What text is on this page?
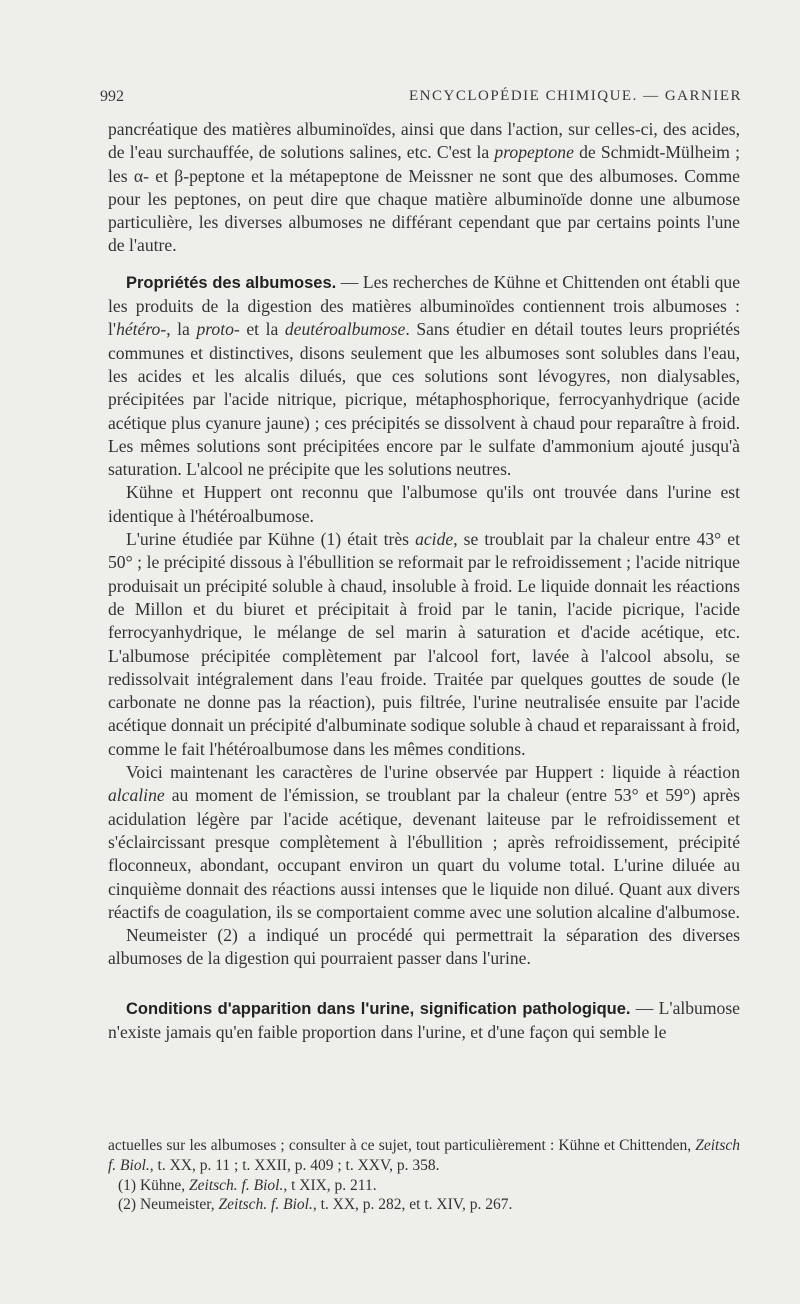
992	ENCYCLOPÉDIE CHIMIQUE. — GARNIER

pancréatique des matières albuminoïdes, ainsi que dans l'action, sur celles-ci, des acides, de l'eau surchauffée, de solutions salines, etc. C'est la propeptone de Schmidt-Mülheim ; les α- et β-peptone et la métapeptone de Meissner ne sont que des albumoses. Comme pour les peptones, on peut dire que chaque matière albuminoïde donne une albumose particulière, les diverses albumoses ne différant cependant que par certains points l'une de l'autre.

Propriétés des albumoses. — Les recherches de Kühne et Chittenden ont établi que les produits de la digestion des matières albuminoïdes contiennent trois albumoses : l'hétéro-, la proto- et la deutéroalbumose. Sans étudier en détail toutes leurs propriétés communes et distinctives, disons seulement que les albumoses sont solubles dans l'eau, les acides et les alcalis dilués, que ces solutions sont lévogyres, non dialysables, précipitées par l'acide nitrique, picrique, métaphosphorique, ferrocyanhydrique (acide acétique plus cyanure jaune) ; ces précipités se dissolvent à chaud pour reparaître à froid. Les mêmes solutions sont précipitées encore par le sulfate d'ammonium ajouté jusqu'à saturation. L'alcool ne précipite que les solutions neutres.

Kühne et Huppert ont reconnu que l'albumose qu'ils ont trouvée dans l'urine est identique à l'hétéroalbumose.

L'urine étudiée par Kühne (1) était très acide, se troublait par la chaleur entre 43° et 50° ; le précipité dissous à l'ébullition se reformait par le refroidissement ; l'acide nitrique produisait un précipité soluble à chaud, insoluble à froid. Le liquide donnait les réactions de Millon et du biuret et précipitait à froid par le tanin, l'acide picrique, l'acide ferrocyanhydrique, le mélange de sel marin à saturation et d'acide acétique, etc. L'albumose précipitée complètement par l'alcool fort, lavée à l'alcool absolu, se redissolvait intégralement dans l'eau froide. Traitée par quelques gouttes de soude (le carbonate ne donne pas la réaction), puis filtrée, l'urine neutralisée ensuite par l'acide acétique donnait un précipité d'albuminate sodique soluble à chaud et reparaissant à froid, comme le fait l'hétéroalbumose dans les mêmes conditions.

Voici maintenant les caractères de l'urine observée par Huppert : liquide à réaction alcaline au moment de l'émission, se troublant par la chaleur (entre 53° et 59°) après acidulation légère par l'acide acétique, devenant laiteuse par le refroidissement et s'éclaircissant presque complètement à l'ébullition ; après refroidissement, précipité floconneux, abondant, occupant environ un quart du volume total. L'urine diluée au cinquième donnait des réactions aussi intenses que le liquide non dilué. Quant aux divers réactifs de coagulation, ils se comportaient comme avec une solution alcaline d'albumose.

Neumeister (2) a indiqué un procédé qui permettrait la séparation des diverses albumoses de la digestion qui pourraient passer dans l'urine.

Conditions d'apparition dans l'urine, signification pathologique. — L'albumose n'existe jamais qu'en faible proportion dans l'urine, et d'une façon qui semble le

actuelles sur les albumoses ; consulter à ce sujet, tout particulièrement : Kühne et Chittenden, Zeitsch f. Biol., t. XX, p. 11 ; t. XXII, p. 409 ; t. XXV, p. 358.

(1) Kühne, Zeitsch. f. Biol., t XIX, p. 211.

(2) Neumeister, Zeitsch. f. Biol., t. XX, p. 282, et t. XIV, p. 267.
